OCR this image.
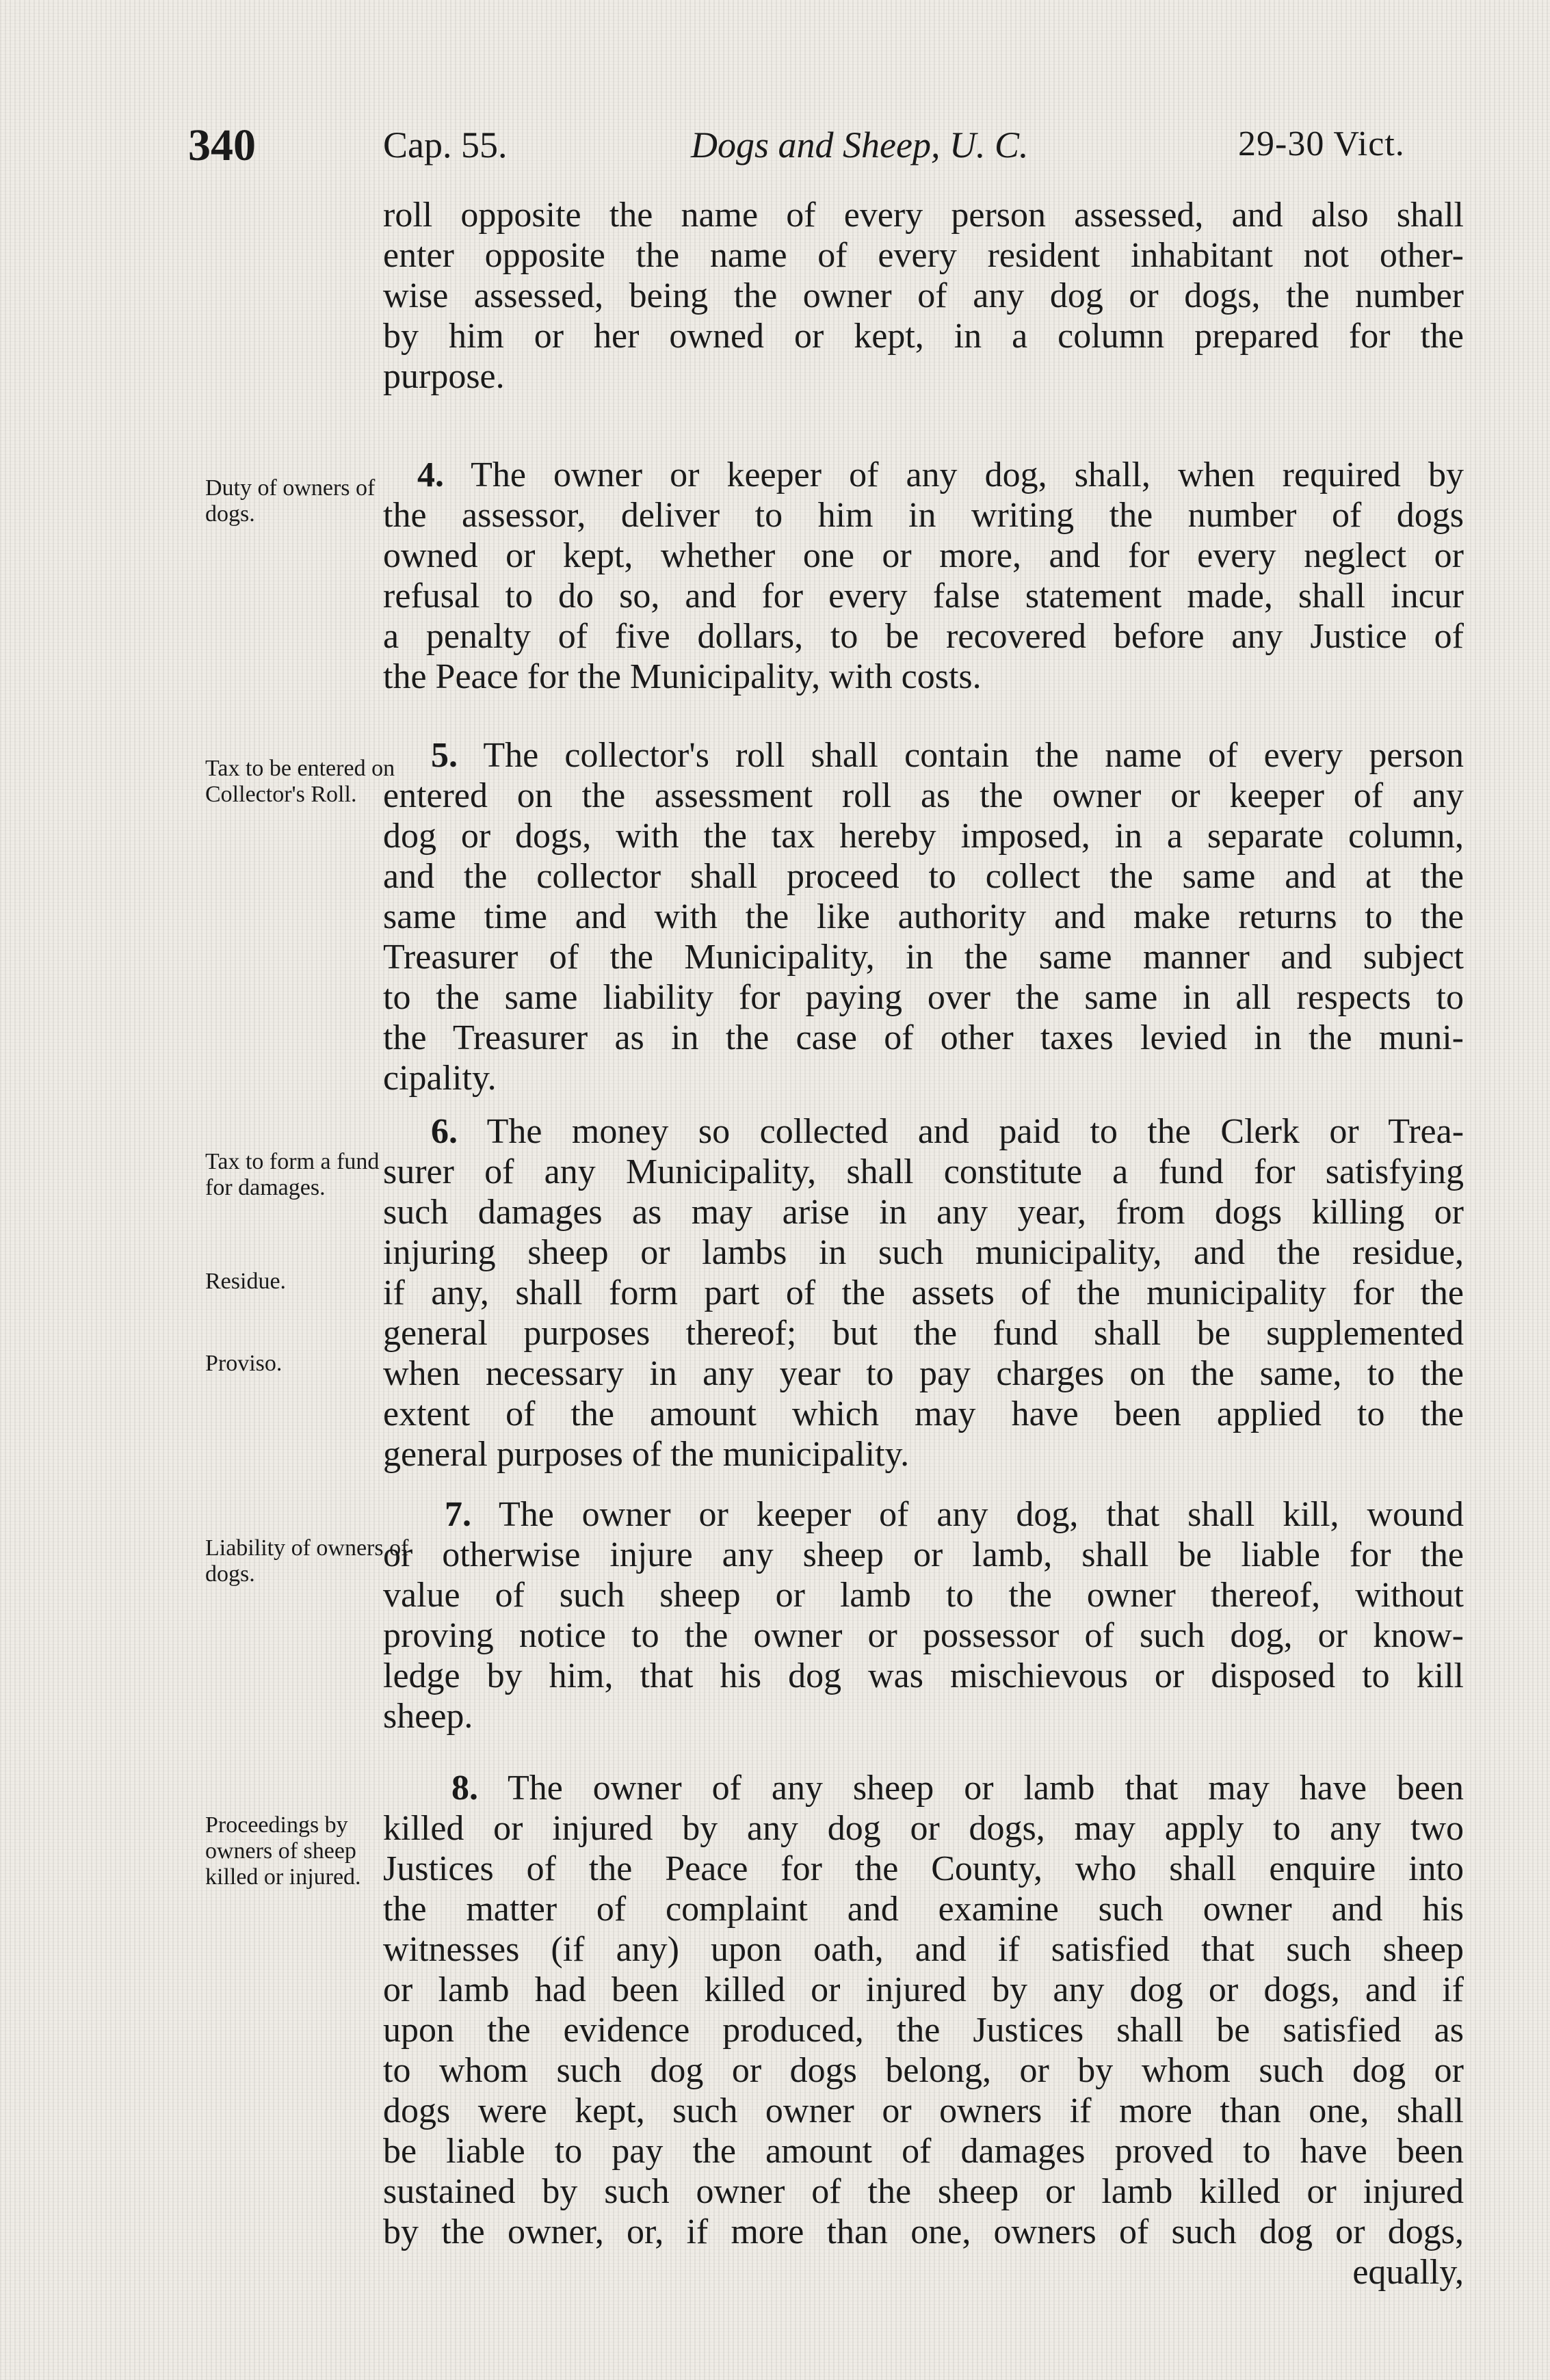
340	Cap. 55.	Dogs and Sheep, U. C.	29-30 Vict.
Duty of owners of dogs.
Tax to be entered on Collector's Roll.
Tax to form a fund for damages.
Residue.
Proviso.
Liability of owners of dogs.
Proceedings by owners of sheep killed or injured.
roll opposite the name of every person assessed, and also shall
enter opposite the name of every resident inhabitant not other-
wise assessed, being the owner of any dog or dogs, the number
by him or her owned or kept, in a column prepared for the
purpose.
4. The owner or keeper of any dog, shall, when required by
the assessor, deliver to him in writing the number of dogs
owned or kept, whether one or more, and for every neglect or
refusal to do so, and for every false statement made, shall incur
a penalty of five dollars, to be recovered before any Justice of
the Peace for the Municipality, with costs.
5. The collector's roll shall contain the name of every person
entered on the assessment roll as the owner or keeper of any
dog or dogs, with the tax hereby imposed, in a separate column,
and the collector shall proceed to collect the same and at the
same time and with the like authority and make returns to the
Treasurer of the Municipality, in the same manner and subject
to the same liability for paying over the same in all respects to
the Treasurer as in the case of other taxes levied in the muni-
cipality.
6. The money so collected and paid to the Clerk or Trea-
surer of any Municipality, shall constitute a fund for satisfying
such damages as may arise in any year, from dogs killing or
injuring sheep or lambs in such municipality, and the residue,
if any, shall form part of the assets of the municipality for the
general purposes thereof; but the fund shall be supplemented
when necessary in any year to pay charges on the same, to the
extent of the amount which may have been applied to the
general purposes of the municipality.
7. The owner or keeper of any dog, that shall kill, wound
or otherwise injure any sheep or lamb, shall be liable for the
value of such sheep or lamb to the owner thereof, without
proving notice to the owner or possessor of such dog, or know-
ledge by him, that his dog was mischievous or disposed to kill
sheep.
8. The owner of any sheep or lamb that may have been
killed or injured by any dog or dogs, may apply to any two
Justices of the Peace for the County, who shall enquire into
the matter of complaint and examine such owner and his
witnesses (if any) upon oath, and if satisfied that such sheep
or lamb had been killed or injured by any dog or dogs, and if
upon the evidence produced, the Justices shall be satisfied as
to whom such dog or dogs belong, or by whom such dog or
dogs were kept, such owner or owners if more than one, shall
be liable to pay the amount of damages proved to have been
sustained by such owner of the sheep or lamb killed or injured
by the owner, or, if more than one, owners of such dog or dogs,
equally,
